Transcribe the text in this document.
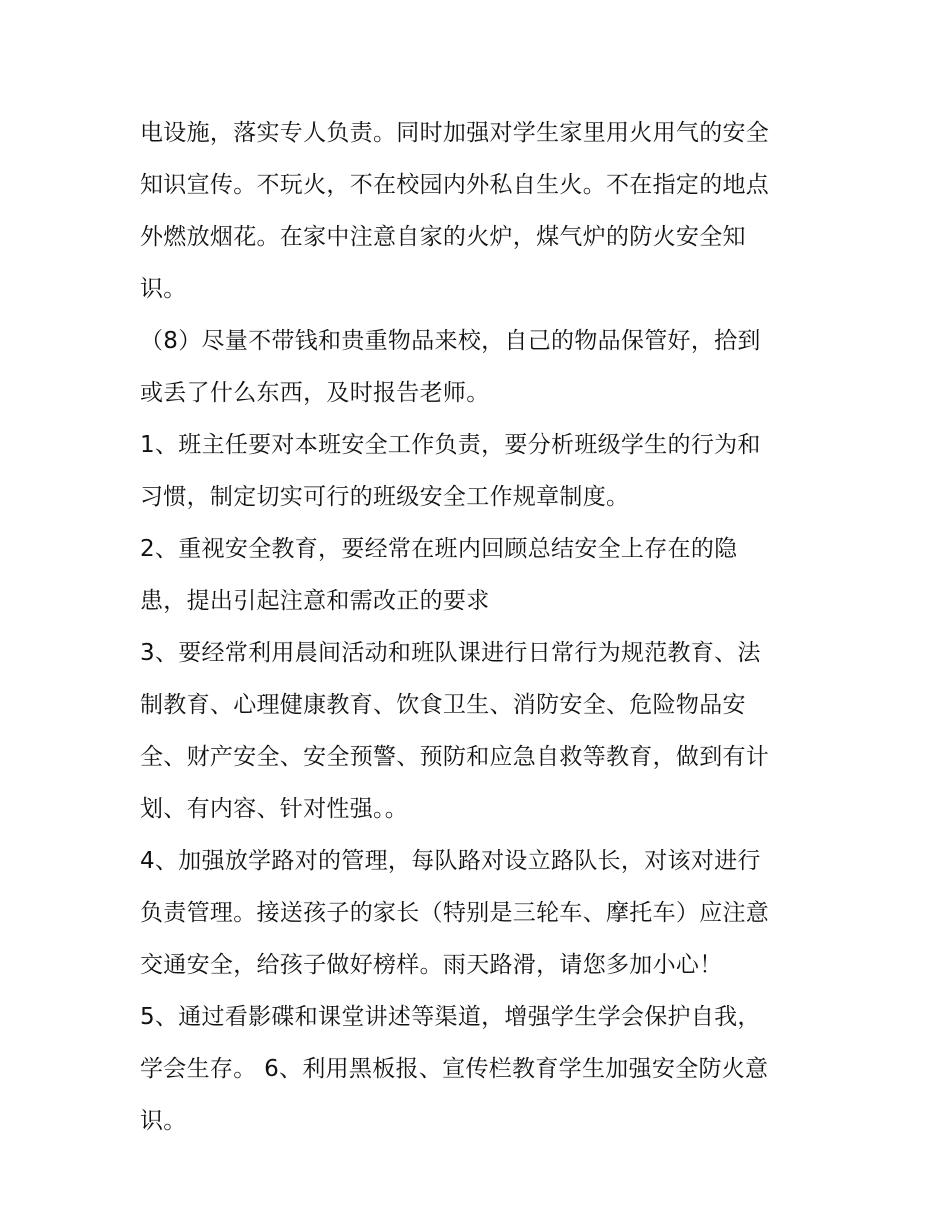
电设施，落实专人负责。同时加强对学生家里用火用气的安全
知识宣传。不玩火，不在校园内外私自生火。不在指定的地点
外燃放烟花。在家中注意自家的火炉，煤气炉的防火安全知
识。
（8）尽量不带钱和贵重物品来校，自己的物品保管好，拾到
或丢了什么东西，及时报告老师。
1、班主任要对本班安全工作负责，要分析班级学生的行为和
习惯，制定切实可行的班级安全工作规章制度。
2、重视安全教育，要经常在班内回顾总结安全上存在的隐
患，提出引起注意和需改正的要求
3、要经常利用晨间活动和班队课进行日常行为规范教育、法
制教育、心理健康教育、饮食卫生、消防安全、危险物品安
全、财产安全、安全预警、预防和应急自救等教育，做到有计
划、有内容、针对性强。。
4、加强放学路对的管理，每队路对设立路队长，对该对进行
负责管理。接送孩子的家长（特别是三轮车、摩托车）应注意
交通安全，给孩子做好榜样。雨天路滑，请您多加小心！
5、通过看影碟和课堂讲述等渠道，增强学生学会保护自我，
学会生存。 6、利用黑板报、宣传栏教育学生加强安全防火意
识。
